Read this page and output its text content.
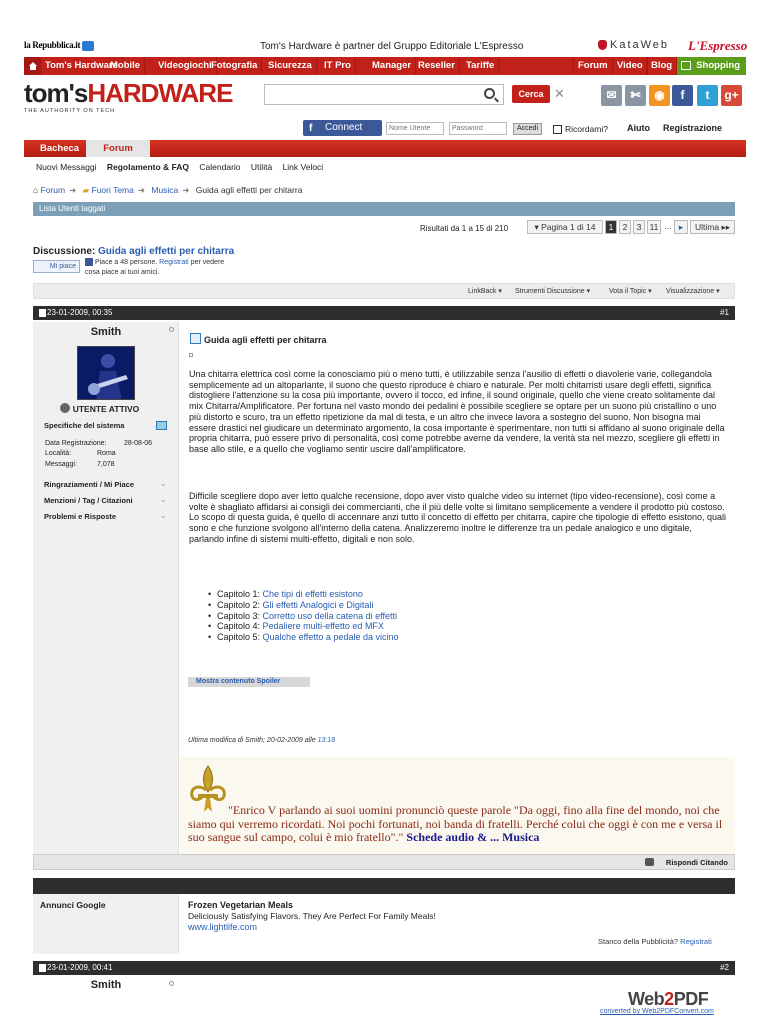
la Repubblica.it	Tom's Hardware è partner del Gruppo Editoriale L'Espresso	KataWeb L'Espresso
Shopping
Tom's Hardware
Mobile	Videogiochi Fotografia	Sicurezza	IT Pro	Manager Reseller	Tariffe	Forum Video Blog
tom'sHARDWARE
THE AUTHORITY ON TECH
Cerca ✕	✉	✄	◉	f	t	g+
f Connect
Nome Utente
Password	Accedi	Ricordami? Aiuto Registrazione
Bacheca	Forum
Nuovi Messaggi Regolamento & FAQ Calendario Utilità Link Veloci
⌂ Forum ➜ ▰ Fuori Tema ➜ Musica ➜ Guida agli effetti per chitarra
Lista Utenti taggati
Risultati da 1 a 15 di 210	▾ Pagina 1 di 14	1	2	3 11 ... ▸	Ultima ▸▸
Discussione: Guida agli effetti per chitarra
Mi piace
Piace a 48 persone. Registrati per vedere cosa piace ai tuoi amici.
LinkBack ▾ Strumenti Discussione ▾	Vota il Topic ▾ Visualizzazione ▾
23-01-2009, 00:35	#1
Smith
UTENTE ATTIVO
Specifiche del sistema
Data Registrazione:	28-08-06
Località:	Roma
Messaggi:	7,078
Ringraziamenti / Mi Piace	⌄
Menzioni / Tag / Citazioni	⌄
Problemi e Risposte	⌄
Guida agli effetti per chitarra
Una chitarra elettrica così come la conosciamo più o meno tutti, è utilizzabile senza l'ausilio di effetti o diavolerie varie, collegandola semplicemente ad un altoparlante, il suono che questo riproduce è chiaro e naturale. Per molti chitarristi usare degli effetti, significa distogliere l'attenzione su la cosa più importante, ovvero il tocco, ed infine, il sound originale, quello che viene creato solitamente dal mix Chitarra/Amplificatore. Per fortuna nel vasto mondo dei pedalini è possibile scegliere se optare per un suono più cristallino o uno più distorto e scuro, tra un effetto ripetizione da mal di testa, e un altro che invece lavora a sostegno del suono. Non bisogna mai essere drastici nel giudicare un determinato argomento, la cosa importante è sperimentare, non tutti si affidano al suono originale della propria chitarra, può essere privo di personalità, così come potrebbe averne da vendere, la verità sta nel mezzo, scegliere gli effetti in base allo stile, e a quello che vogliamo sentir uscire dall'amplificatore.
Difficile scegliere dopo aver letto qualche recensione, dopo aver visto qualche video su internet (tipo video-recensione), così come a volte è sbagliato affidarsi ai consigli dei commercianti, che il più delle volte si limitano semplicemente a vendere il prodotto più costoso. Lo scopo di questa guida, è quello di accennare anzi tutto il concetto di effetto per chitarra, capire che tipologie di effetto esistono, quali sono e che funzione svolgono all'interno della catena. Analizzeremo inoltre le differenze tra un pedale analogico e uno digitale, parlando infine di sistemi multi-effetto, digitali e non solo.
• Capitolo 1: Che tipi di effetti esistono
• Capitolo 2: Gli effetti Analogici e Digitali
• Capitolo 3: Corretto uso della catena di effetti
• Capitolo 4: Pedaliere multi-effetto ed MFX
• Capitolo 5: Qualche effetto a pedale da vicino
Mostra contenuto Spoiler
Ultima modifica di Smith; 20-02-2009 alle 13:18
"Enrico V parlando ai suoi uomini pronunciò queste parole "Da oggi, fino alla fine del mondo, noi che siamo qui verremo ricordati. Noi pochi fortunati, noi banda di fratelli. Perché colui che oggi è con me e versa il suo sangue sul campo, colui è mio fratello"." Schede audio & ... Musica
Rispondi Citando
Annunci Google	Frozen Vegetarian Meals
Deliciously Satisfying Flavors. They Are Perfect For Family Meals!
www.lightlife.com
Stanco della Pubblicità? Registrati
23-01-2009, 00:41	#2
Smith
Web2PDF
converted by Web2PDFConvert.com
